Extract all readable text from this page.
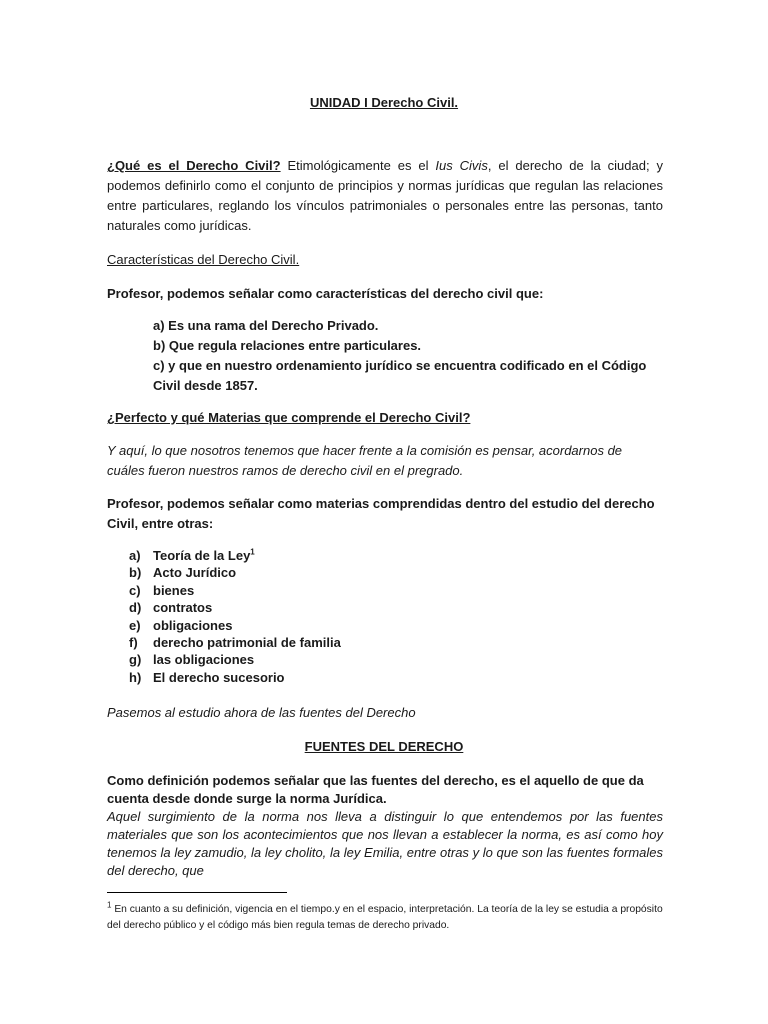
UNIDAD I Derecho Civil.
¿Qué es el Derecho Civil? Etimológicamente es el Ius Civis, el derecho de la ciudad; y podemos definirlo como el conjunto de principios y normas jurídicas que regulan las relaciones entre particulares, reglando los vínculos patrimoniales o personales entre las personas, tanto naturales como jurídicas.
Características del Derecho Civil.
Profesor, podemos señalar como características del derecho civil que:
a) Es una rama del Derecho Privado.
b) Que regula relaciones entre particulares.
c) y que en nuestro ordenamiento jurídico se encuentra codificado en el Código Civil desde 1857.
¿Perfecto y qué Materias que comprende el Derecho Civil?
Y aquí, lo que nosotros tenemos que hacer frente a la comisión es pensar, acordarnos de cuáles fueron nuestros ramos de derecho civil en el pregrado.
Profesor, podemos señalar como materias comprendidas dentro del estudio del derecho Civil, entre otras:
a) Teoría de la Ley$^1$
b) Acto Jurídico
c) bienes
d) contratos
e) obligaciones
f)	derecho patrimonial de familia
g) las obligaciones
h) El derecho sucesorio
Pasemos al estudio ahora de las fuentes del Derecho
FUENTES DEL DERECHO
Como definición podemos señalar que las fuentes del derecho, es el aquello de que da cuenta desde donde surge la norma Jurídica.
Aquel surgimiento de la norma nos lleva a distinguir lo que entendemos por las fuentes materiales que son los acontecimientos que nos llevan a establecer la norma, es así como hoy tenemos la ley zamudio, la ley cholito, la ley Emilia, entre otras y lo que son las fuentes formales del derecho, que
$^1$ En cuanto a su definición, vigencia en el tiempo.y en el espacio, interpretación. La teoría de la ley se estudia a propósito del derecho público y el código más bien regula temas de derecho privado.
